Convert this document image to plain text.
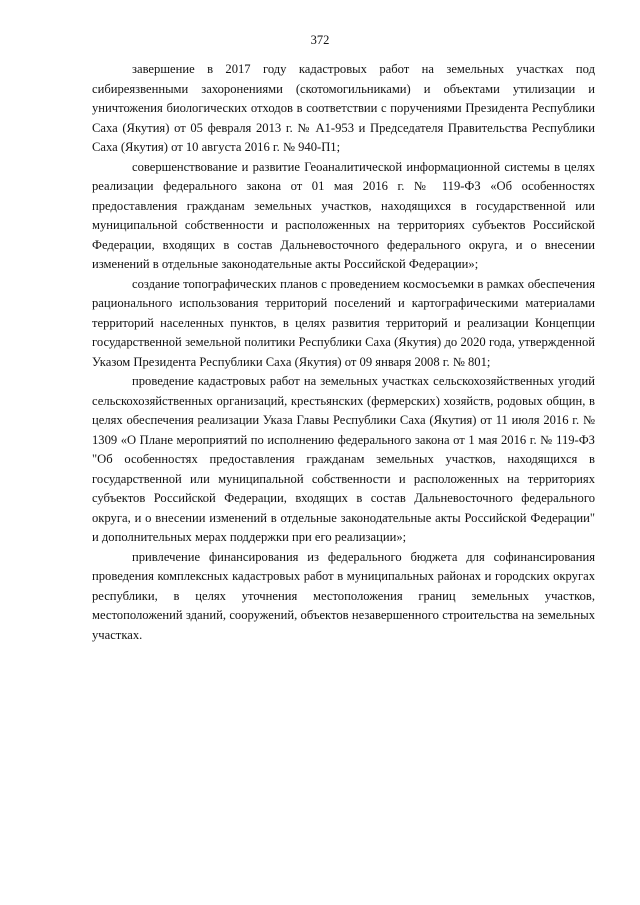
372

завершение в 2017 году кадастровых работ на земельных участках под сибиреязвенными захоронениями (скотомогильниками) и объектами утилизации и уничтожения биологических отходов в соответствии с поручениями Президента Республики Саха (Якутия) от 05 февраля 2013 г. № А1-953 и Председателя Правительства Республики Саха (Якутия) от 10 августа 2016 г. № 940-П1;

совершенствование и развитие Геоаналитической информационной системы в целях реализации федерального закона от 01 мая 2016 г. № 119-ФЗ «Об особенностях предоставления гражданам земельных участков, находящихся в государственной или муниципальной собственности и расположенных на территориях субъектов Российской Федерации, входящих в состав Дальневосточного федерального округа, и о внесении изменений в отдельные законодательные акты Российской Федерации»;

создание топографических планов с проведением космосъемки в рамках обеспечения рационального использования территорий поселений и картографическими материалами территорий населенных пунктов, в целях развития территорий и реализации Концепции государственной земельной политики Республики Саха (Якутия) до 2020 года, утвержденной Указом Президента Республики Саха (Якутия) от 09 января 2008 г. № 801;

проведение кадастровых работ на земельных участках сельскохозяйственных угодий сельскохозяйственных организаций, крестьянских (фермерских) хозяйств, родовых общин, в целях обеспечения реализации Указа Главы Республики Саха (Якутия) от 11 июля 2016 г. № 1309 «О Плане мероприятий по исполнению федерального закона от 1 мая 2016 г. № 119-ФЗ "Об особенностях предоставления гражданам земельных участков, находящихся в государственной или муниципальной собственности и расположенных на территориях субъектов Российской Федерации, входящих в состав Дальневосточного федерального округа, и о внесении изменений в отдельные законодательные акты Российской Федерации" и дополнительных мерах поддержки при его реализации»;

привлечение финансирования из федерального бюджета для софинансирования проведения комплексных кадастровых работ в муниципальных районах и городских округах республики, в целях уточнения местоположения границ земельных участков, местоположений зданий, сооружений, объектов незавершенного строительства на земельных участках.
